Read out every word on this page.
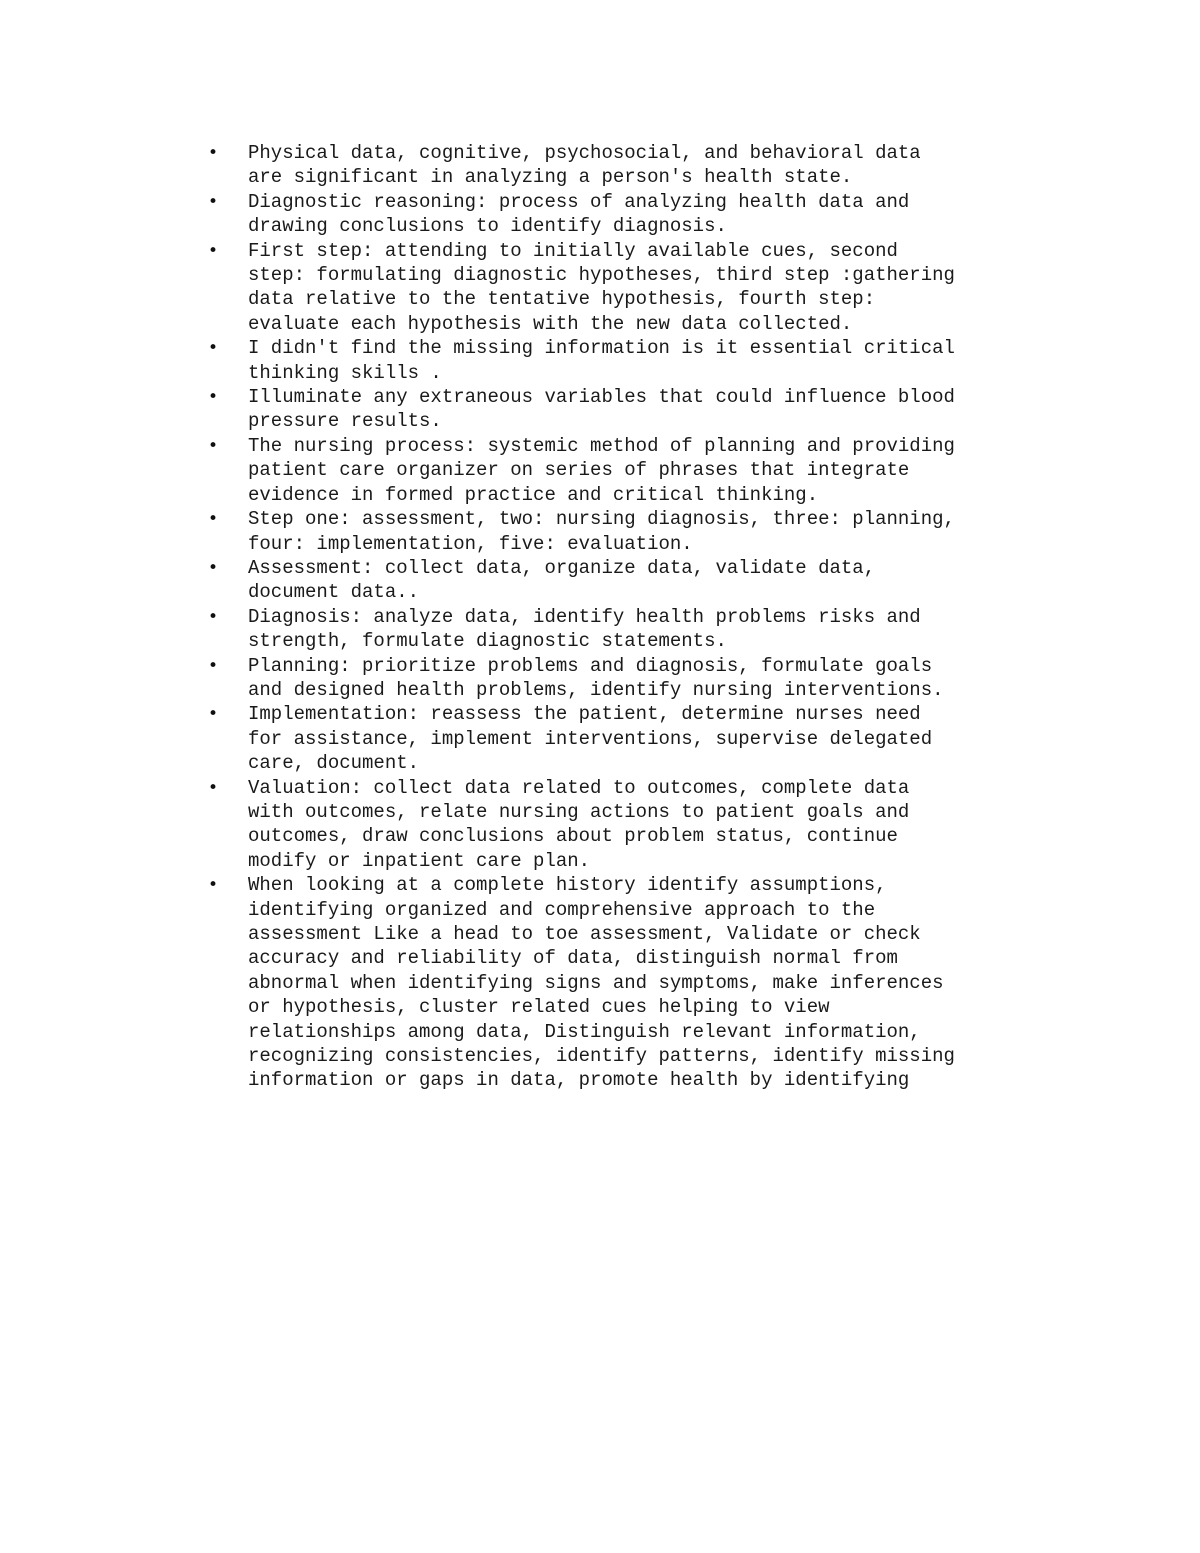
•	Physical data, cognitive, psychosocial, and behavioral data
are significant in analyzing a person's health state.
•	Diagnostic reasoning: process of analyzing health data and
drawing conclusions to identify diagnosis.
•	First step: attending to initially available cues, second
step: formulating diagnostic hypotheses, third step :gathering
data relative to the tentative hypothesis, fourth step:
evaluate each hypothesis with the new data collected.
•	I didn't find the missing information is it essential critical
thinking skills .
•	Illuminate any extraneous variables that could influence blood
pressure results.
•	The nursing process: systemic method of planning and providing
patient care organizer on series of phrases that integrate
evidence in formed practice and critical thinking.
•	Step one: assessment, two: nursing diagnosis, three: planning,
four: implementation, five: evaluation.
•	Assessment: collect data, organize data, validate data,
document data..
•	Diagnosis: analyze data, identify health problems risks and
strength, formulate diagnostic statements.
•	Planning: prioritize problems and diagnosis, formulate goals
and designed health problems, identify nursing interventions.
•	Implementation: reassess the patient, determine nurses need
for assistance, implement interventions, supervise delegated
care, document.
•	Valuation: collect data related to outcomes, complete data
with outcomes, relate nursing actions to patient goals and
outcomes, draw conclusions about problem status, continue
modify or inpatient care plan.
•	When looking at a complete history identify assumptions,
identifying organized and comprehensive approach to the
assessment Like a head to toe assessment, Validate or check
accuracy and reliability of data, distinguish normal from
abnormal when identifying signs and symptoms, make inferences
or hypothesis, cluster related cues helping to view
relationships among data, Distinguish relevant information,
recognizing consistencies, identify patterns, identify missing
information or gaps in data, promote health by identifying
